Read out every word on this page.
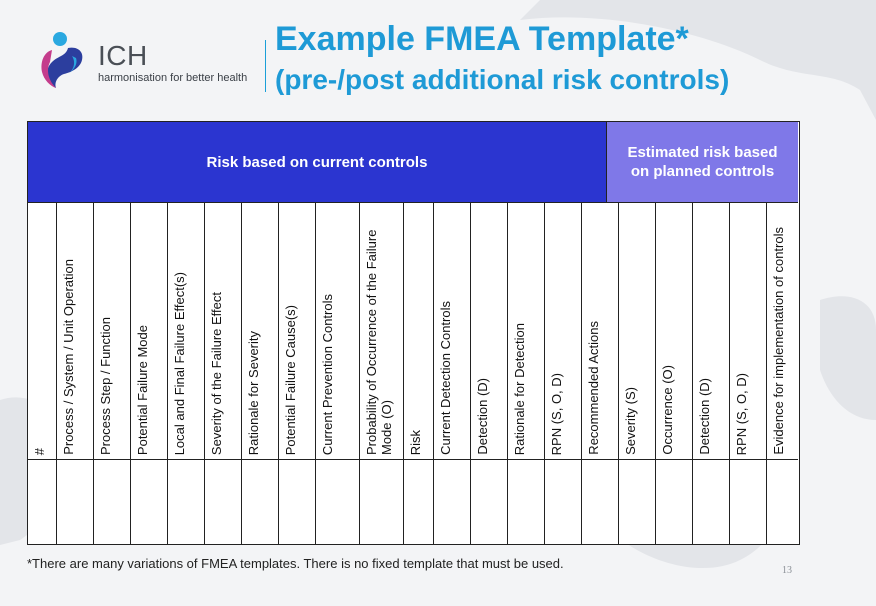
ICH
harmonisation for better health
Example FMEA Template*
(pre-/post additional risk controls)
Risk based on current controls
Estimated risk based on planned controls
# Process / System / Unit Operation Process Step / Function Potential Failure Mode Local and Final Failure Effect(s) Severity of the Failure Effect Rationale for Severity Potential Failure Cause(s) Current Prevention Controls Probability of Occurrence of the Failure Mode (O) Risk Current Detection Controls Detection (D) Rationale for Detection RPN (S, O, D) Recommended Actions Severity (S) Occurrence (O) Detection (D) RPN (S, O, D) Evidence for implementation of controls

*There are many variations of FMEA templates. There is no fixed template that must be used.	13
